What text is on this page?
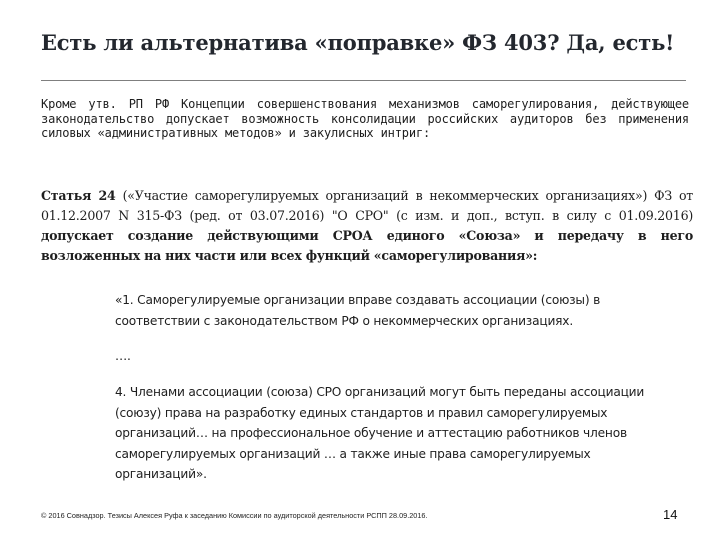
Есть ли альтернатива «поправке» ФЗ 403? Да, есть!
Кроме утв. РП РФ Концепции совершенствования механизмов саморегулирования, действующее законодательство допускает возможность консолидации российских аудиторов без применения силовых «административных методов» и закулисных интриг:
Статья 24 («Участие саморегулируемых организаций в некоммерческих организациях») ФЗ от 01.12.2007 N 315-ФЗ (ред. от 03.07.2016) "О СРО" (с изм. и доп., вступ. в силу с 01.09.2016) допускает создание действующими СРОА единого «Союза» и передачу в него возложенных на них части или всех функций «саморегулирования»:
«1. Саморегулируемые организации вправе создавать ассоциации (союзы) в соответствии с законодательством РФ о некоммерческих организациях.
….
4. Членами ассоциации (союза) СРО организаций могут быть переданы ассоциации (союзу) права на разработку единых стандартов и правил саморегулируемых организаций… на профессиональное обучение и аттестацию работников членов саморегулируемых организаций … а также иные права саморегулируемых организаций».
© 2016 Совнадзор. Тезисы Алексея Руфа к заседанию Комиссии по аудиторской деятельности РСПП 28.09.2016.	14
